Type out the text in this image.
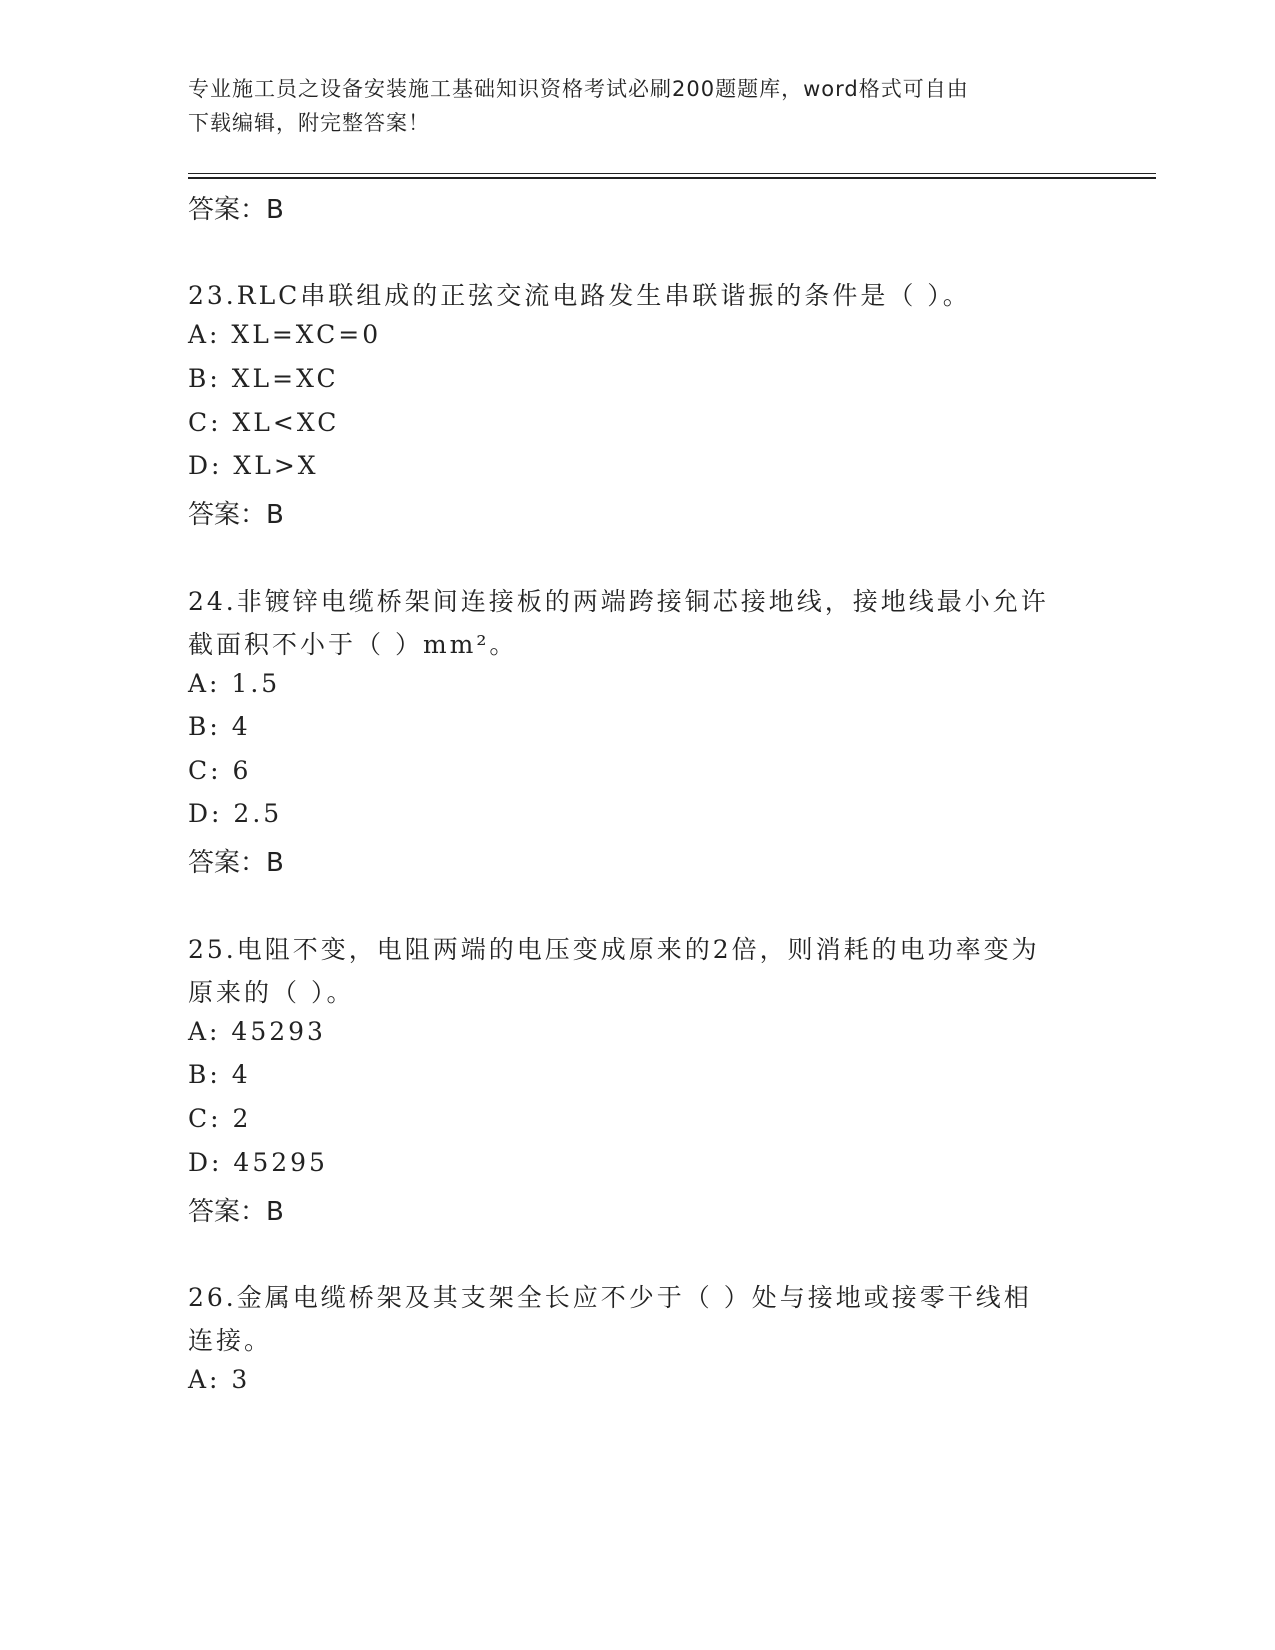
专业施工员之设备安装施工基础知识资格考试必刷200题题库，word格式可自由
下载编辑，附完整答案！
答案：B
23.RLC串联组成的正弦交流电路发生串联谐振的条件是（ ）。
A: XL=XC=0
B: XL=XC
C: XL<XC
D: XL>X
答案：B
24.非镀锌电缆桥架间连接板的两端跨接铜芯接地线，接地线最小允许
截面积不小于（ ）mm²。
A: 1.5
B: 4
C: 6
D: 2.5
答案：B
25.电阻不变，电阻两端的电压变成原来的2倍，则消耗的电功率变为
原来的（ ）。
A: 45293
B: 4
C: 2
D: 45295
答案：B
26.金属电缆桥架及其支架全长应不少于（ ）处与接地或接零干线相
连接。
A: 3
